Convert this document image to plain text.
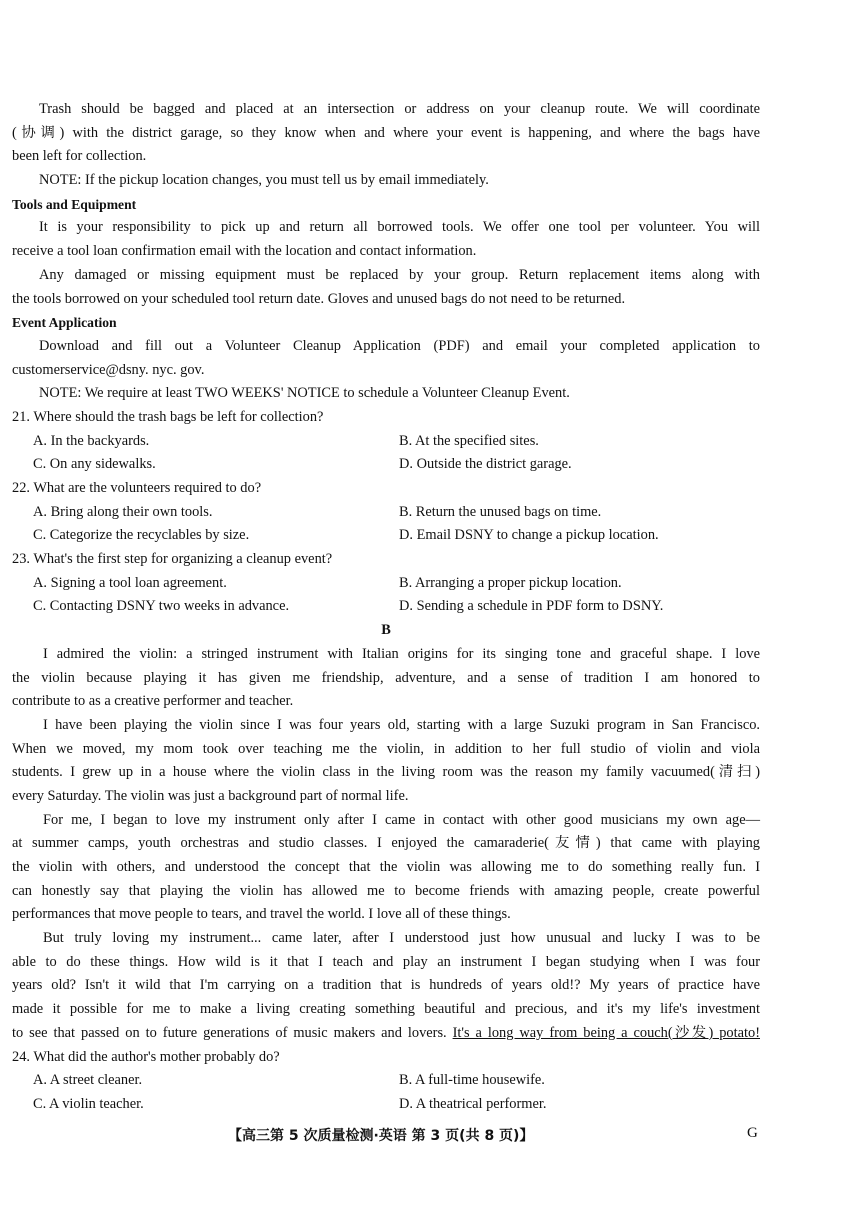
Trash should be bagged and placed at an intersection or address on your cleanup route. We will coordinate
(协调) with the district garage, so they know when and where your event is happening, and where the bags have
been left for collection.
NOTE: If the pickup location changes, you must tell us by email immediately.
Tools and Equipment
It is your responsibility to pick up and return all borrowed tools. We offer one tool per volunteer. You will
receive a tool loan confirmation email with the location and contact information.
Any damaged or missing equipment must be replaced by your group. Return replacement items along with
the tools borrowed on your scheduled tool return date. Gloves and unused bags do not need to be returned.
Event Application
Download and fill out a Volunteer Cleanup Application (PDF) and email your completed application to
customerservice@dsny. nyc. gov.
NOTE: We require at least TWO WEEKS' NOTICE to schedule a Volunteer Cleanup Event.
21. Where should the trash bags be left for collection?
A. In the backyards.	B. At the specified sites.
C. On any sidewalks.	D. Outside the district garage.
22. What are the volunteers required to do?
A. Bring along their own tools.	B. Return the unused bags on time.
C. Categorize the recyclables by size.	D. Email DSNY to change a pickup location.
23. What's the first step for organizing a cleanup event?
A. Signing a tool loan agreement.	B. Arranging a proper pickup location.
C. Contacting DSNY two weeks in advance.	D. Sending a schedule in PDF form to DSNY.
B
I admired the violin: a stringed instrument with Italian origins for its singing tone and graceful shape. I love
the violin because playing it has given me friendship, adventure, and a sense of tradition I am honored to
contribute to as a creative performer and teacher.
I have been playing the violin since I was four years old, starting with a large Suzuki program in San Francisco.
When we moved, my mom took over teaching me the violin, in addition to her full studio of violin and viola
students. I grew up in a house where the violin class in the living room was the reason my family vacuumed(清扫)
every Saturday. The violin was just a background part of normal life.
For me, I began to love my instrument only after I came in contact with other good musicians my own age—
at summer camps, youth orchestras and studio classes. I enjoyed the camaraderie(友情) that came with playing
the violin with others, and understood the concept that the violin was allowing me to do something really fun. I
can honestly say that playing the violin has allowed me to become friends with amazing people, create powerful
performances that move people to tears, and travel the world. I love all of these things.
But truly loving my instrument... came later, after I understood just how unusual and lucky I was to be
able to do these things. How wild is it that I teach and play an instrument I began studying when I was four
years old? Isn't it wild that I'm carrying on a tradition that is hundreds of years old!? My years of practice have
made it possible for me to make a living creating something beautiful and precious, and it's my life's investment
to see that passed on to future generations of music makers and lovers. It's a long way from being a couch(沙发) potato!
24. What did the author's mother probably do?
A. A street cleaner.	B. A full-time housewife.
C. A violin teacher.	D. A theatrical performer.
【高三第 5 次质量检测·英语 第 3 页(共 8 页)】	G
